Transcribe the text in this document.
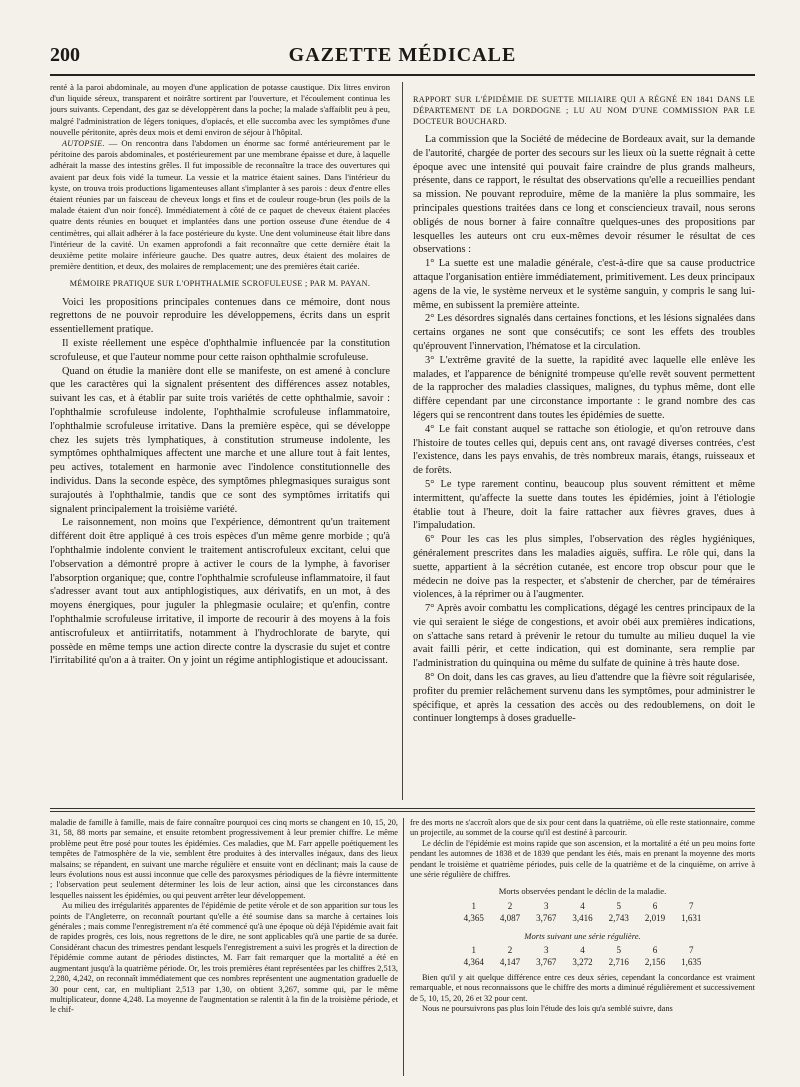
200	GAZETTE MÉDICALE

renté à la paroi abdominale, au moyen d'une application de potasse caustique. Dix litres environ d'un liquide séreux, transparent et noirâtre sortirent par l'ouverture, et l'écoulement continua les jours suivants. Cependant, des gaz se développèrent dans la poche; la malade s'affaiblit peu à peu, malgré l'administration de légers toniques, d'opiacés, et elle succomba avec les symptômes d'une nouvelle péritonite, après deux mois et demi environ de séjour à l'hôpital.

AUTOPSIE. — On rencontra dans l'abdomen un énorme sac formé antérieurement par le péritoine des parois abdominales, et postérieurement par une membrane épaisse et dure, à laquelle adhérait la masse des intestins grêles. Il fut impossible de reconnaître la trace des ouvertures qui avaient par deux fois vidé la tumeur. La vessie et la matrice étaient saines. Dans l'intérieur du kyste, on trouva trois productions ligamenteuses allant s'implanter à ses parois : deux d'entre elles étaient réunies par un faisceau de cheveux longs et fins et de couleur rouge-brun (les poils de la malade étaient d'un noir foncé). Immédiatement à côté de ce paquet de cheveux étaient placées quatre dents réunies en bouquet et implantées dans une portion osseuse d'une étendue de 4 centimètres, qui allait adhérer à la face postérieure du kyste. Une dent volumineuse était libre dans l'intérieur de la cavité. Un examen approfondi a fait reconnaître que cette dernière était la deuxième petite molaire inférieure gauche. Des quatre autres, deux étaient des molaires de première dentition, et deux, des molaires de remplacement; une des premières était cariée.

MÉMOIRE PRATIQUE SUR L'OPHTHALMIE SCROFULEUSE ; PAR M. PAYAN.

Voici les propositions principales contenues dans ce mémoire, dont nous regrettons de ne pouvoir reproduire les développemens, écrits dans un esprit essentiellement pratique.

Il existe réellement une espèce d'ophthalmie influencée par la constitution scrofuleuse, et que l'auteur nomme pour cette raison ophthalmie scrofuleuse.

Quand on étudie la manière dont elle se manifeste, on est amené à conclure que les caractères qui la signalent présentent des différences assez notables, suivant les cas, et à établir par suite trois variétés de cette ophthalmie, savoir : l'ophthalmie scrofuleuse indolente, l'ophthalmie scrofuleuse inflammatoire, l'ophthalmie scrofuleuse irritative. Dans la première espèce, qui se développe chez les sujets très lymphatiques, à constitution strumeuse indolente, les symptômes ophthalmiques affectent une marche et une allure tout à fait lentes, peu actives, totalement en harmonie avec l'indolence constitutionnelle des individus. Dans la seconde espèce, des symptômes phlegmasiques suraigus sont surajoutés à l'ophthalmie, tandis que ce sont des symptômes irritatifs qui signalent principalement la troisième variété.

Le raisonnement, non moins que l'expérience, démontrent qu'un traitement différent doit être appliqué à ces trois espèces d'un même genre morbide ; qu'à l'ophthalmie indolente convient le traitement antiscrofuleux excitant, celui que l'observation a démontré propre à activer le cours de la lymphe, à favoriser l'absorption organique; que, contre l'ophthalmie scrofuleuse inflammatoire, il faut s'adresser avant tout aux antiphlogistiques, aux dérivatifs, en un mot, à des moyens énergiques, pour juguler la phlegmasie oculaire; et qu'enfin, contre l'ophthalmie scrofuleuse irritative, il importe de recourir à des moyens à la fois antiscrofuleux et antiirritatifs, notamment à l'hydrochlorate de baryte, qui possède en même temps une action directe contre la dyscrasie du sujet et contre l'irritabilité qu'on a à traiter. On y joint un régime antiphlogistique et adoucissant.

RAPPORT SUR L'ÉPIDÉMIE DE SUETTE MILIAIRE QUI A RÉGNÉ EN 1841 DANS LE DÉPARTEMENT DE LA DORDOGNE ; LU AU NOM D'UNE COMMISSION PAR LE DOCTEUR BOUCHARD.

La commission que la Société de médecine de Bordeaux avait, sur la demande de l'autorité, chargée de porter des secours sur les lieux où la suette régnait à cette époque avec une intensité qui pouvait faire craindre de plus grands malheurs, présente, dans ce rapport, le résultat des observations qu'elle a recueillies pendant sa mission. Ne pouvant reproduire, même de la manière la plus sommaire, les principales questions traitées dans ce long et consciencieux travail, nous serons obligés de nous borner à faire connaître quelques-unes des propositions par lesquelles les auteurs ont cru eux-mêmes devoir résumer le résultat de ces observations :

1° La suette est une maladie générale, c'est-à-dire que sa cause productrice attaque l'organisation entière immédiatement, primitivement. Les deux principaux agens de la vie, le système nerveux et le système sanguin, y compris le sang lui-même, en subissent la première atteinte.

2° Les désordres signalés dans certaines fonctions, et les lésions signalées dans certains organes ne sont que consécutifs; ce sont les effets des troubles qu'éprouvent l'innervation, l'hématose et la circulation.

3° L'extrême gravité de la suette, la rapidité avec laquelle elle enlève les malades, et l'apparence de bénignité trompeuse qu'elle revêt souvent permettent de la rapprocher des maladies classiques, malignes, du typhus même, dont elle diffère cependant par une circonstance importante : le grand nombre des cas légers qui se rencontrent dans toutes les épidémies de suette.

4° Le fait constant auquel se rattache son étiologie, et qu'on retrouve dans l'histoire de toutes celles qui, depuis cent ans, ont ravagé diverses contrées, c'est l'existence, dans les pays envahis, de très nombreux marais, étangs, ruisseaux et de forêts.

5° Le type rarement continu, beaucoup plus souvent rémittent et même intermittent, qu'affecte la suette dans toutes les épidémies, joint à l'étiologie établie tout à l'heure, doit la faire rattacher aux fièvres graves, dues à l'impaludation.

6° Pour les cas les plus simples, l'observation des règles hygiéniques, généralement prescrites dans les maladies aiguës, suffira. Le rôle qui, dans la suette, appartient à la sécrétion cutanée, est encore trop obscur pour que le médecin ne doive pas la respecter, et s'abstenir de chercher, par de téméraires violences, à la réprimer ou à l'augmenter.

7° Après avoir combattu les complications, dégagé les centres principaux de la vie qui seraient le siége de congestions, et avoir obéi aux premières indications, on s'attache sans retard à prévenir le retour du tumulte au milieu duquel la vie avait failli périr, et cette indication, qui est dominante, sera remplie par l'administration du quinquina ou même du sulfate de quinine à très haute dose.

8° On doit, dans les cas graves, au lieu d'attendre que la fièvre soit régularisée, profiter du premier relâchement survenu dans les symptômes, pour administrer le spécifique, et après la cessation des accès ou des redoublemens, on doit le continuer longtemps à doses graduelle-

maladie de famille à famille, mais de faire connaître pourquoi ces cinq morts se changent en 10, 15, 20, 31, 58, 88 morts par semaine, et ensuite retombent progressivement à leur premier chiffre. Le même problème peut être posé pour toutes les épidémies. Ces maladies, que M. Farr appelle poétiquement les tempêtes de l'atmosphère de la vie, semblent être produites à des intervalles inégaux, dans des lieux malsains; se répandent, en suivant une marche régulière et ensuite vont en déclinant; mais la cause de leurs évolutions nous est aussi inconnue que celle des paroxysmes périodiques de la fièvre intermittente ; l'observation peut seulement déterminer les lois de leur action, ainsi que les circonstances dans lesquelles naissent les épidémies, ou qui peuvent arrêter leur développement.

Au milieu des irrégularités apparentes de l'épidémie de petite vérole et de son apparition sur tous les points de l'Angleterre, on reconnaît pourtant qu'elle a été soumise dans sa marche à certaines lois générales ; mais comme l'enregistrement n'a été commencé qu'à une époque où déjà l'épidémie avait fait de rapides progrès, ces lois, nous regrettons de le dire, ne sont applicables qu'à une partie de sa durée. Considérant chacun des trimestres pendant lesquels l'enregistrement a suivi les progrès et la direction de l'épidémie comme autant de périodes distinctes, M. Farr fait remarquer que la mortalité a été en augmentant jusqu'à la quatrième période. Or, les trois premières étant représentées par les chiffres 2,513, 2,280, 4,242, on reconnaît immédiatement que ces nombres représentent une augmentation graduelle de 30 pour cent, car, en multipliant 2,513 par 1,30, on obtient 3,267, somme qui, par le même multiplicateur, donne 4,248. La moyenne de l'augmentation se ralentit à la fin de la troisième période, et le chif-

fre des morts ne s'accroît alors que de six pour cent dans la quatrième, où elle reste stationnaire, comme un projectile, au sommet de la course qu'il est destiné à parcourir.

Le déclin de l'épidémie est moins rapide que son ascension, et la mortalité a été un peu moins forte pendant les automnes de 1838 et de 1839 que pendant les étés, mais en prenant la moyenne des morts pendant le troisième et quatrième périodes, puis celle de la quatrième et de la cinquième, on arrive à une série régulière de chiffres.

Morts observées pendant le déclin de la maladie.

1	2	3	4	5	6	7
4,365	4,087	3,767	3,416	2,743	2,019	1,631

Morts suivant une série régulière.

1	2	3	4	5	6	7
4,364	4,147	3,767	3,272	2,716	2,156	1,635

Bien qu'il y ait quelque différence entre ces deux séries, cependant la concordance est vraiment remarquable, et nous reconnaissons que le chiffre des morts a diminué régulièrement et successivement de 5, 10, 15, 20, 26 et 32 pour cent.

Nous ne poursuivrons pas plus loin l'étude des lois qu'a semblé suivre, dans
